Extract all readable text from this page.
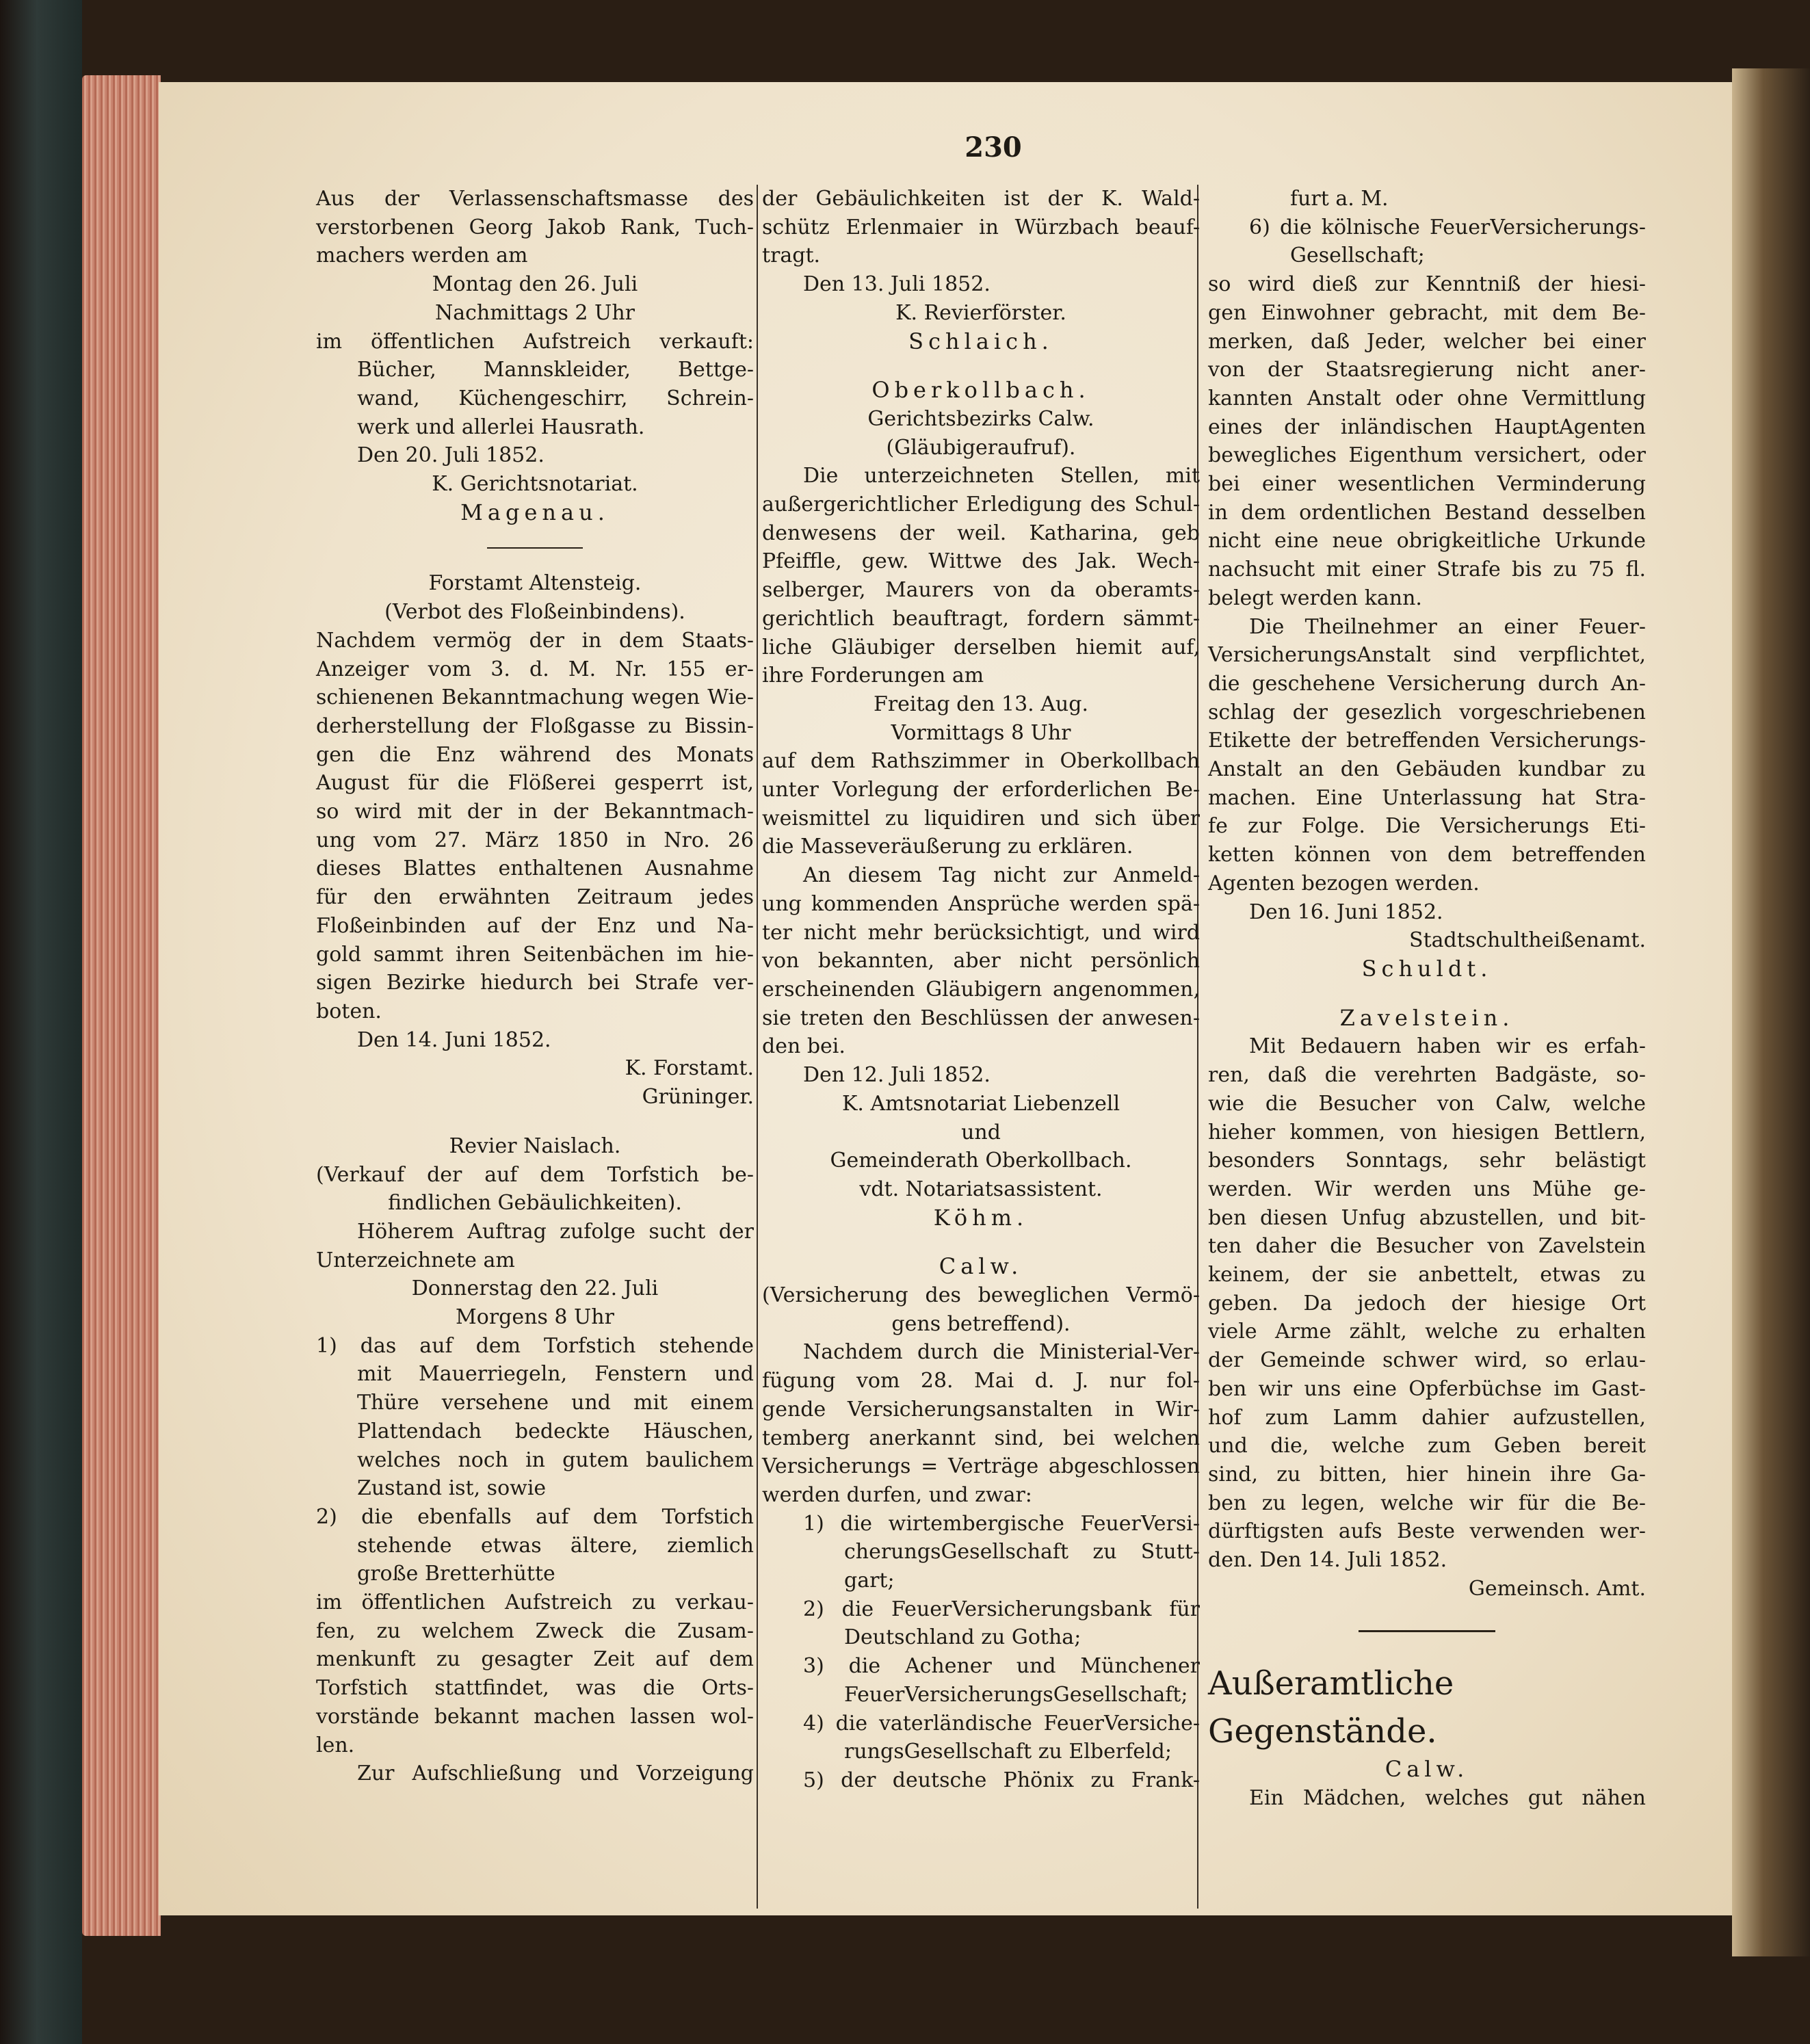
230

Aus der Verlassenschaftsmasse des

verstorbenen Georg Jakob Rank, Tuch-

machers werden am

Montag den 26. Juli

Nachmittags 2 Uhr

im öffentlichen Aufstreich verkauft:

Bücher, Mannskleider, Bettge-

wand, Küchengeschirr, Schrein-

werk und allerlei Hausrath.

Den 20. Juli 1852.

K. Gerichtsnotariat.

Magenau.

Forstamt Altensteig.

(Verbot des Floßeinbindens).

Nachdem vermög der in dem Staats-

Anzeiger vom 3. d. M. Nr. 155 er-

schienenen Bekanntmachung wegen Wie-

derherstellung der Floßgasse zu Bissin-

gen die Enz während des Monats

August für die Flößerei gesperrt ist,

so wird mit der in der Bekanntmach-

ung vom 27. März 1850 in Nro. 26

dieses Blattes enthaltenen Ausnahme

für den erwähnten Zeitraum jedes

Floßeinbinden auf der Enz und Na-

gold sammt ihren Seitenbächen im hie-

sigen Bezirke hiedurch bei Strafe ver-

boten.

Den 14. Juni 1852.

K. Forstamt.

Grüninger.

Revier Naislach.

(Verkauf der auf dem Torfstich be-

findlichen Gebäulichkeiten).

Höherem Auftrag zufolge sucht der

Unterzeichnete am

Donnerstag den 22. Juli

Morgens 8 Uhr

1) das auf dem Torfstich stehende

mit Mauerriegeln, Fenstern und

Thüre versehene und mit einem

Plattendach bedeckte Häuschen,

welches noch in gutem baulichem

Zustand ist, sowie

2) die ebenfalls auf dem Torfstich

stehende etwas ältere, ziemlich

große Bretterhütte

im öffentlichen Aufstreich zu verkau-

fen, zu welchem Zweck die Zusam-

menkunft zu gesagter Zeit auf dem

Torfstich stattfindet, was die Orts-

vorstände bekannt machen lassen wol-

len.

Zur Aufschließung und Vorzeigung

der Gebäulichkeiten ist der K. Wald-

schütz Erlenmaier in Würzbach beauf-

tragt.

Den 13. Juli 1852.

K. Revierförster.

Schlaich.

Oberkollbach.

Gerichtsbezirks Calw.

(Gläubigeraufruf).

Die unterzeichneten Stellen, mit

außergerichtlicher Erledigung des Schul-

denwesens der weil. Katharina, geb

Pfeiffle, gew. Wittwe des Jak. Wech-

selberger, Maurers von da oberamts-

gerichtlich beauftragt, fordern sämmt-

liche Gläubiger derselben hiemit auf,

ihre Forderungen am

Freitag den 13. Aug.

Vormittags 8 Uhr

auf dem Rathszimmer in Oberkollbach

unter Vorlegung der erforderlichen Be-

weismittel zu liquidiren und sich über

die Masseveräußerung zu erklären.

An diesem Tag nicht zur Anmeld-

ung kommenden Ansprüche werden spä-

ter nicht mehr berücksichtigt, und wird

von bekannten, aber nicht persönlich

erscheinenden Gläubigern angenommen,

sie treten den Beschlüssen der anwesen-

den bei.

Den 12. Juli 1852.

K. Amtsnotariat Liebenzell

und

Gemeinderath Oberkollbach.

vdt. Notariatsassistent.

Köhm.

Calw.

(Versicherung des beweglichen Vermö-

gens betreffend).

Nachdem durch die Ministerial-Ver-

fügung vom 28. Mai d. J. nur fol-

gende Versicherungsanstalten in Wir-

temberg anerkannt sind, bei welchen

Versicherungs = Verträge abgeschlossen

werden durfen, und zwar:

1) die wirtembergische FeuerVersi-

cherungsGesellschaft zu Stutt-

gart;

2) die FeuerVersicherungsbank für

Deutschland zu Gotha;

3) die Achener und Münchener

FeuerVersicherungsGesellschaft;

4) die vaterländische FeuerVersiche-

rungsGesellschaft zu Elberfeld;

5) der deutsche Phönix zu Frank-

furt a. M.

6) die kölnische FeuerVersicherungs-

Gesellschaft;

so wird dieß zur Kenntniß der hiesi-

gen Einwohner gebracht, mit dem Be-

merken, daß Jeder, welcher bei einer

von der Staatsregierung nicht aner-

kannten Anstalt oder ohne Vermittlung

eines der inländischen HauptAgenten

bewegliches Eigenthum versichert, oder

bei einer wesentlichen Verminderung

in dem ordentlichen Bestand desselben

nicht eine neue obrigkeitliche Urkunde

nachsucht mit einer Strafe bis zu 75 fl.

belegt werden kann.

Die Theilnehmer an einer Feuer-

VersicherungsAnstalt sind verpflichtet,

die geschehene Versicherung durch An-

schlag der gesezlich vorgeschriebenen

Etikette der betreffenden Versicherungs-

Anstalt an den Gebäuden kundbar zu

machen. Eine Unterlassung hat Stra-

fe zur Folge. Die Versicherungs Eti-

ketten können von dem betreffenden

Agenten bezogen werden.

Den 16. Juni 1852.

Stadtschultheißenamt.

Schuldt.

Zavelstein.

Mit Bedauern haben wir es erfah-

ren, daß die verehrten Badgäste, so-

wie die Besucher von Calw, welche

hieher kommen, von hiesigen Bettlern,

besonders Sonntags, sehr belästigt

werden. Wir werden uns Mühe ge-

ben diesen Unfug abzustellen, und bit-

ten daher die Besucher von Zavelstein

keinem, der sie anbettelt, etwas zu

geben. Da jedoch der hiesige Ort

viele Arme zählt, welche zu erhalten

der Gemeinde schwer wird, so erlau-

ben wir uns eine Opferbüchse im Gast-

hof zum Lamm dahier aufzustellen,

und die, welche zum Geben bereit

sind, zu bitten, hier hinein ihre Ga-

ben zu legen, welche wir für die Be-

dürftigsten aufs Beste verwenden wer-

den. Den 14. Juli 1852.

Gemeinsch. Amt.

Außeramtliche Gegenstände.

Calw.

Ein Mädchen, welches gut nähen
